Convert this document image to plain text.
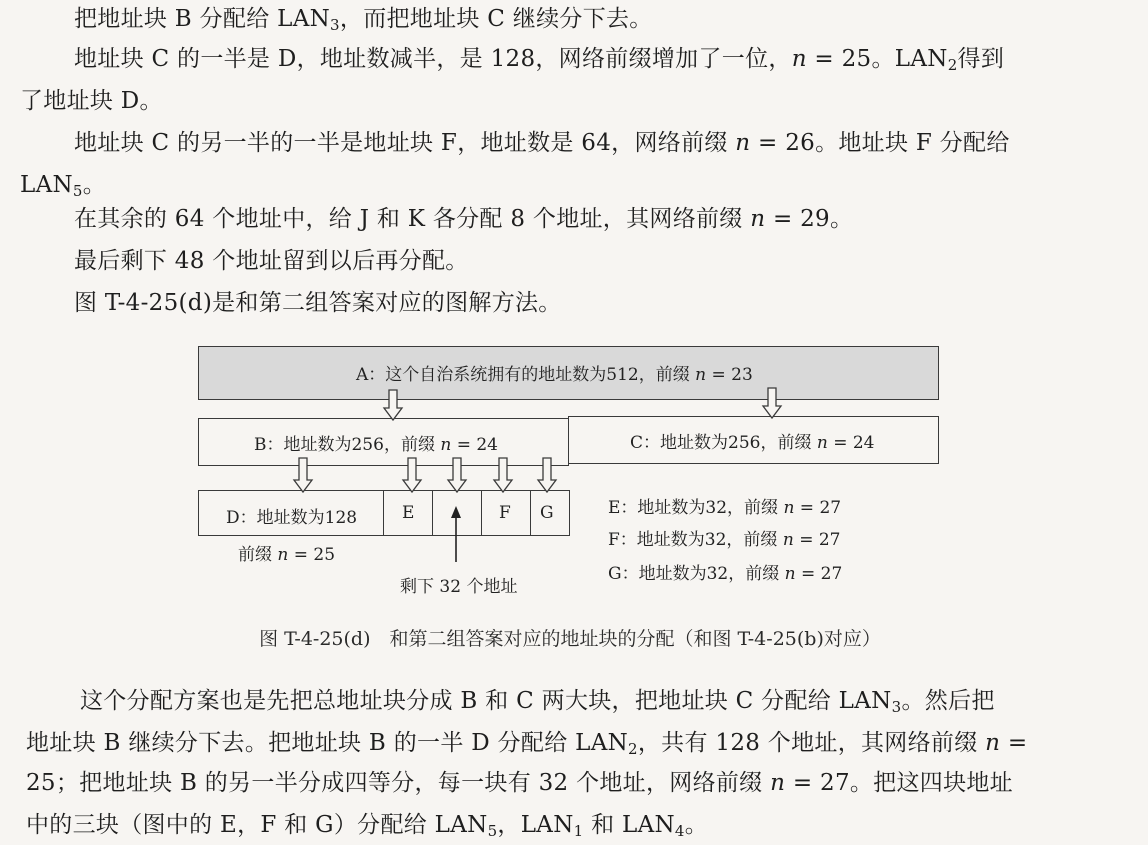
把地址块 B 分配给 $LAN_3$，而把地址块 C 继续分下去。
地址块 C 的一半是 D，地址数减半，是 128，网络前缀增加了一位，n = 25。$LAN_2$得到
了地址块 D。
地址块 C 的另一半的一半是地址块 F，地址数是 64，网络前缀 n = 26。地址块 F 分配给
$LAN_5$。
在其余的 64 个地址中，给 J 和 K 各分配 8 个地址，其网络前缀 n = 29。
最后剩下 48 个地址留到以后再分配。
图 T-4-25(d)是和第二组答案对应的图解方法。
A：这个自治系统拥有的地址数为512，前缀 n = 23
B：地址数为256，前缀 n = 24	C：地址数为256，前缀 n = 24
D：地址数为128	E	F G
前缀 n = 25
剩下 32 个地址
E：地址数为32，前缀 n = 27
F：地址数为32，前缀 n = 27
G：地址数为32，前缀 n = 27
图 T-4-25(d)　和第二组答案对应的地址块的分配（和图 T-4-25(b)对应）
这个分配方案也是先把总地址块分成 B 和 C 两大块，把地址块 C 分配给 $LAN_3$。然后把
地址块 B 继续分下去。把地址块 B 的一半 D 分配给 $LAN_2$，共有 128 个地址，其网络前缀 n =
25；把地址块 B 的另一半分成四等分，每一块有 32 个地址，网络前缀 n = 27。把这四块地址
中的三块（图中的 E，F 和 G）分配给 $LAN_5$，$LAN_1$ 和 $LAN_4$。
